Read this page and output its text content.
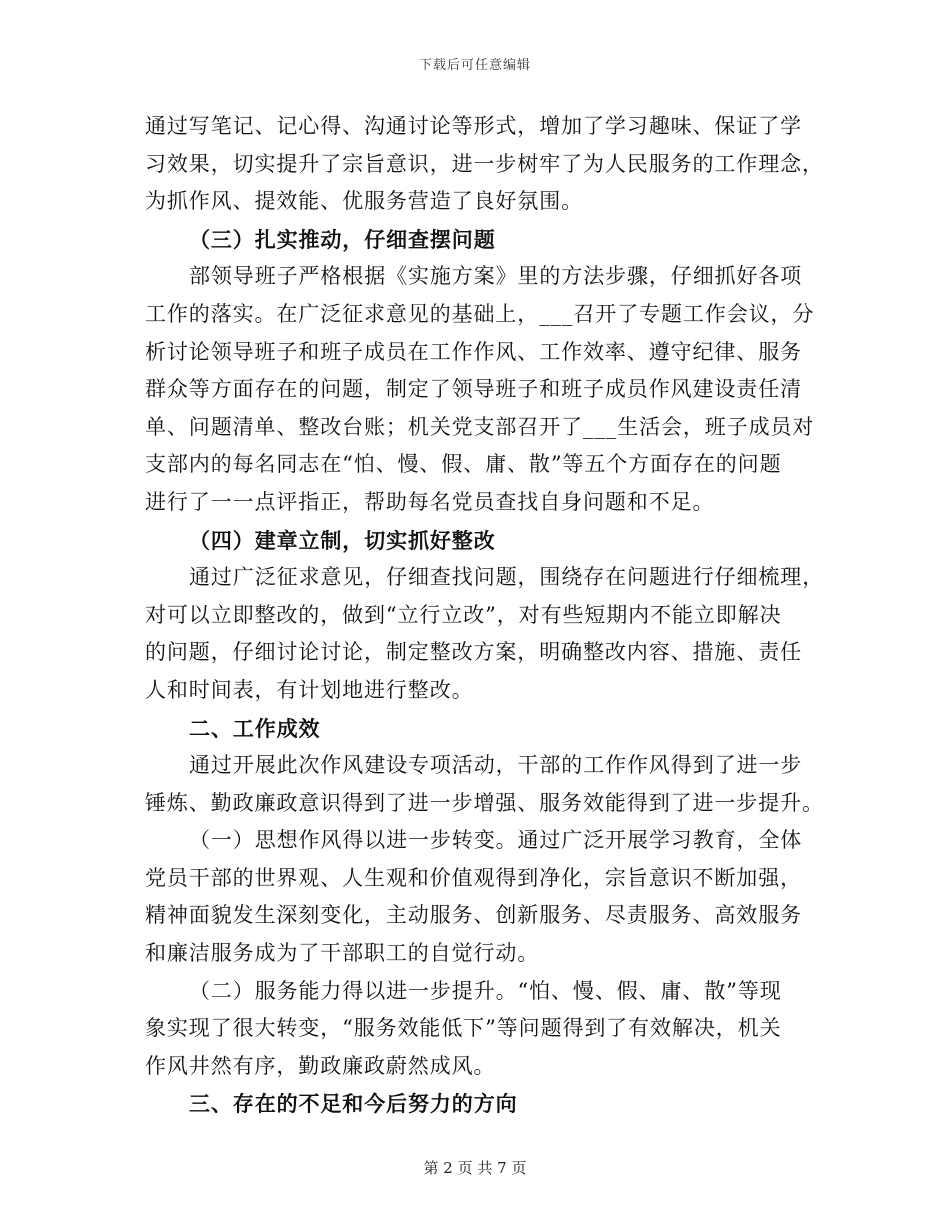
下载后可任意编辑
通过写笔记、记心得、沟通讨论等形式，增加了学习趣味、保证了学
习效果，切实提升了宗旨意识，进一步树牢了为人民服务的工作理念，
为抓作风、提效能、优服务营造了良好氛围。
（三）扎实推动，仔细查摆问题
部领导班子严格根据《实施方案》里的方法步骤，仔细抓好各项
工作的落实。在广泛征求意见的基础上，___召开了专题工作会议，分
析讨论领导班子和班子成员在工作作风、工作效率、遵守纪律、服务
群众等方面存在的问题，制定了领导班子和班子成员作风建设责任清
单、问题清单、整改台账；机关党支部召开了___生活会，班子成员对
支部内的每名同志在“怕、慢、假、庸、散”等五个方面存在的问题
进行了一一点评指正，帮助每名党员查找自身问题和不足。
（四）建章立制，切实抓好整改
通过广泛征求意见，仔细查找问题，围绕存在问题进行仔细梳理，
对可以立即整改的，做到“立行立改”，对有些短期内不能立即解决
的问题，仔细讨论讨论，制定整改方案，明确整改内容、措施、责任
人和时间表，有计划地进行整改。
二、工作成效
通过开展此次作风建设专项活动，干部的工作作风得到了进一步
锤炼、勤政廉政意识得到了进一步增强、服务效能得到了进一步提升。
（一）思想作风得以进一步转变。通过广泛开展学习教育，全体
党员干部的世界观、人生观和价值观得到净化，宗旨意识不断加强，
精神面貌发生深刻变化，主动服务、创新服务、尽责服务、高效服务
和廉洁服务成为了干部职工的自觉行动。
（二）服务能力得以进一步提升。“怕、慢、假、庸、散”等现
象实现了很大转变，“服务效能低下”等问题得到了有效解决，机关
作风井然有序，勤政廉政蔚然成风。
三、存在的不足和今后努力的方向
第 2 页 共 7 页
